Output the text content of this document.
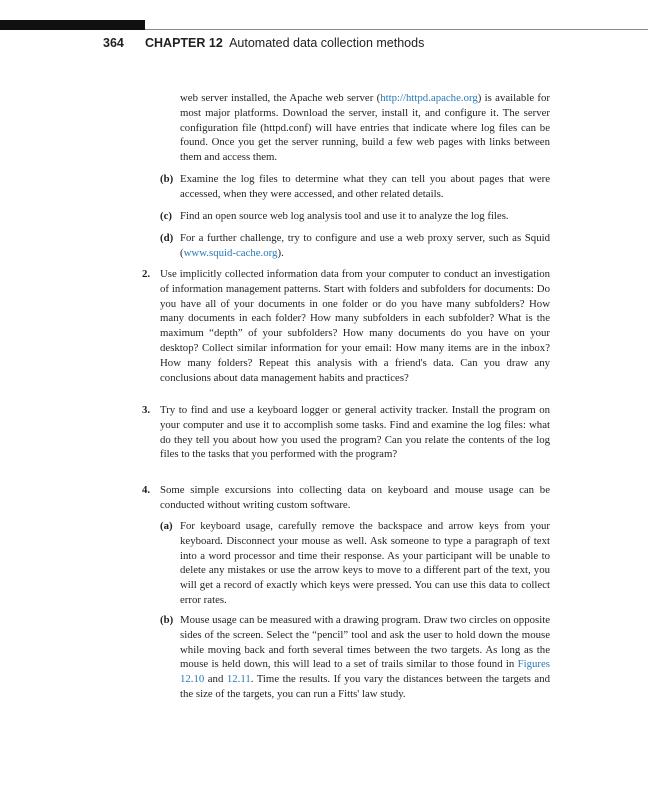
364 CHAPTER 12 Automated data collection methods

web server installed, the Apache web server (http://httpd.apache.org) is available for most major platforms. Download the server, install it, and configure it. The server configuration file (httpd.conf) will have entries that indicate where log files can be found. Once you get the server running, build a few web pages with links between them and access them.

(b) Examine the log files to determine what they can tell you about pages that were accessed, when they were accessed, and other related details.
(c) Find an open source web log analysis tool and use it to analyze the log files.
(d) For a further challenge, try to configure and use a web proxy server, such as Squid (www.squid-cache.org).
2. Use implicitly collected information data from your computer to conduct an investigation of information management patterns. Start with folders and subfolders for documents: Do you have all of your documents in one folder or do you have many subfolders? How many documents in each folder? How many subfolders in each subfolder? What is the maximum “depth” of your subfolders? How many documents do you have on your desktop? Collect similar information for your email: How many items are in the inbox? How many folders? Repeat this analysis with a friend's data. Can you draw any conclusions about data management habits and practices?
3. Try to find and use a keyboard logger or general activity tracker. Install the program on your computer and use it to accomplish some tasks. Find and examine the log files: what do they tell you about how you used the program? Can you relate the contents of the log files to the tasks that you performed with the program?
4. Some simple excursions into collecting data on keyboard and mouse usage can be conducted without writing custom software.
(a) For keyboard usage, carefully remove the backspace and arrow keys from your keyboard. Disconnect your mouse as well. Ask someone to type a paragraph of text into a word processor and time their response. As your participant will be unable to delete any mistakes or use the arrow keys to move to a different part of the text, you will get a record of exactly which keys were pressed. You can use this data to collect error rates.
(b) Mouse usage can be measured with a drawing program. Draw two circles on opposite sides of the screen. Select the “pencil” tool and ask the user to hold down the mouse while moving back and forth several times between the two targets. As long as the mouse is held down, this will lead to a set of trails similar to those found in Figures 12.10 and 12.11. Time the results. If you vary the distances between the targets and the size of the targets, you can run a Fitts' law study.
